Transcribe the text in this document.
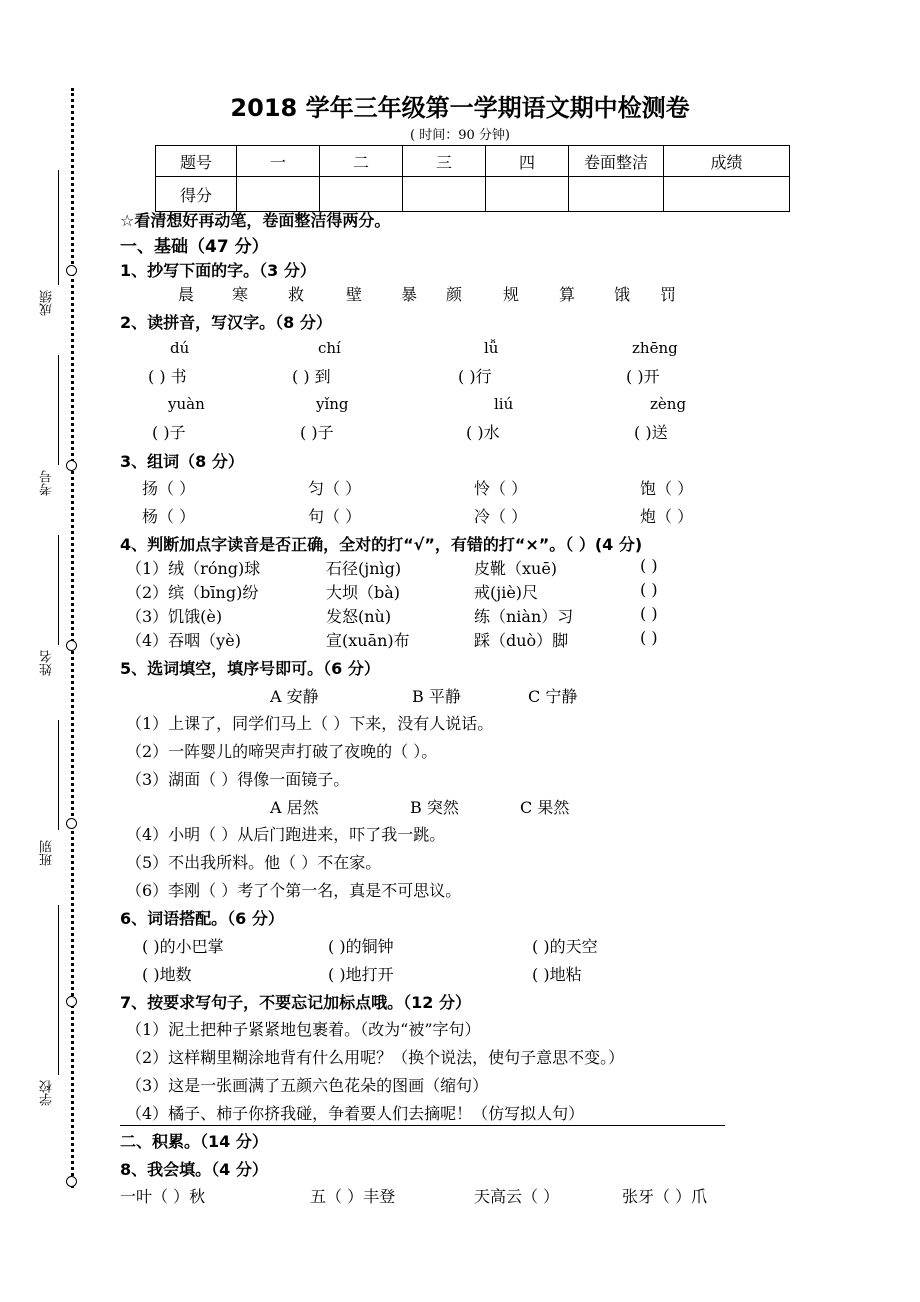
成绩
考号
姓名
班别
学校
2018 学年三年级第一学期语文期中检测卷
( 时间：90 分钟)
题号	一	二	三	四	卷面整洁	成绩
得分						
☆看清想好再动笔，卷面整洁得两分。
一、基础（47 分）
1、抄写下面的字。（3 分）
晨 寒 救	壁 暴 颜	规 算 饿 罚
2、读拼音，写汉字。（8 分）
dú	chí	lǚ	zhēng
( ) 书	( ) 到	( )行	( )开
yuàn	yǐng	liú	zèng
( )子	( )子	( )水	( )送
3、组词（8 分）
扬（ ）	匀（ ）	怜（ ）	饱（ ）
杨（ ）	句（ ）	冷（ ）	炮（ ）
4、判断加点字读音是否正确，全对的打“√”，有错的打“×”。（ ）(4 分)
（1）绒（róng)球	石径(jnìg)	皮靴（xuē)	( )
（2）缤（bīng)纷	大坝（bà)	戒(jiè)尺	( )
（3）饥饿(è)	发怒(nù)	练（niàn）习	( )
（4）吞咽（yè)	宣(xuān)布	踩（duò）脚	( )
5、选词填空，填序号即可。（6 分）
A 安静	B 平静	C 宁静
（1）上课了，同学们马上（ ）下来，没有人说话。
（2）一阵婴儿的啼哭声打破了夜晚的（ ）。
（3）湖面（ ）得像一面镜子。
A 居然	B 突然	C 果然
（4）小明（ ）从后门跑进来，吓了我一跳。
（5）不出我所料。他（ ）不在家。
（6）李刚（ ）考了个第一名，真是不可思议。
6、词语搭配。（6 分）
( )的小巴掌	( )的铜钟	( )的天空
( )地数	( )地打开	( )地粘
7、按要求写句子，不要忘记加标点哦。（12 分）
（1）泥土把种子紧紧地包裹着。（改为“被”字句）
（2）这样糊里糊涂地背有什么用呢？（换个说法，使句子意思不变。）
（3）这是一张画满了五颜六色花朵的图画（缩句）
（4）橘子、柿子你挤我碰，争着要人们去摘呢！（仿写拟人句）
二、积累。（14 分）
8、我会填。（4 分）
一叶（ ）秋	五（ ）丰登	天高云（ ）	张牙（ ）爪
